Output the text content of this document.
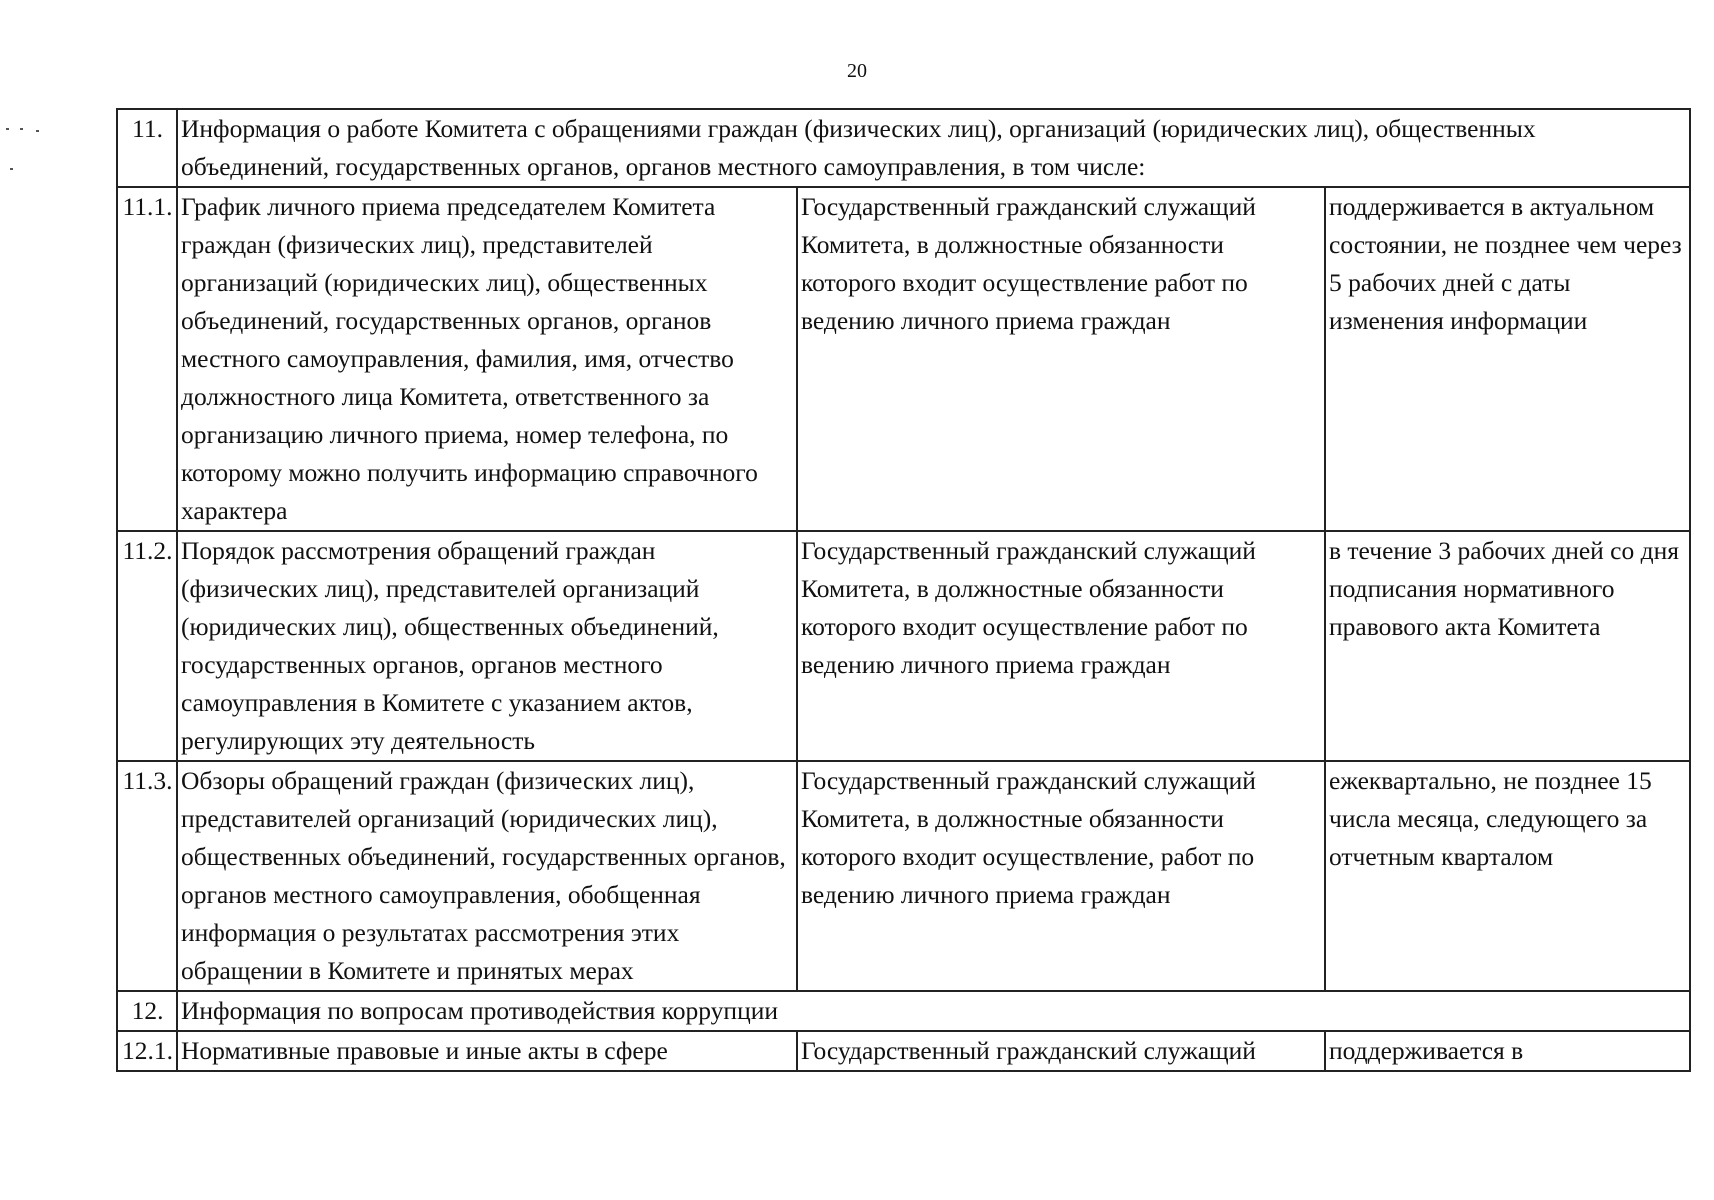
20
11.	Информация о работе Комитета с обращениями граждан (физических лиц), организаций (юридических лиц), общественных объединений, государственных органов, органов местного самоуправления, в том числе:		
11.1.	График личного приема председателем Комитета граждан (физических лиц), представителей организаций (юридических лиц), общественных объединений, государственных органов, органов местного самоуправления, фамилия, имя, отчество должностного лица Комитета, ответственного за организацию личного приема, номер телефона, по которому можно получить информацию справочного характера	Государственный гражданский служащий Комитета, в должностные обязанности которого входит осуществление работ по ведению личного приема граждан	поддерживается в актуальном состоянии, не позднее чем через 5 рабочих дней с даты изменения информации
11.2.	Порядок рассмотрения обращений граждан (физических лиц), представителей организаций (юридических лиц), общественных объединений, государственных органов, органов местного самоуправления в Комитете с указанием актов, регулирующих эту деятельность	Государственный гражданский служащий Комитета, в должностные обязанности которого входит осуществление работ по ведению личного приема граждан	в течение 3 рабочих дней со дня подписания нормативного правового акта Комитета
11.3.	Обзоры обращений граждан (физических лиц), представителей организаций (юридических лиц), общественных объединений, государственных органов, органов местного самоуправления, обобщенная информация о результатах рассмотрения этих обращении в Комитете и принятых мерах	Государственный гражданский служащий Комитета, в должностные обязанности которого входит осуществление, работ по ведению личного приема граждан	ежеквартально, не позднее 15 числа месяца, следующего за отчетным кварталом
12.	Информация по вопросам противодействия коррупции		
12.1.	Нормативные правовые и иные акты в сфере	Государственный гражданский служащий	поддерживается в
